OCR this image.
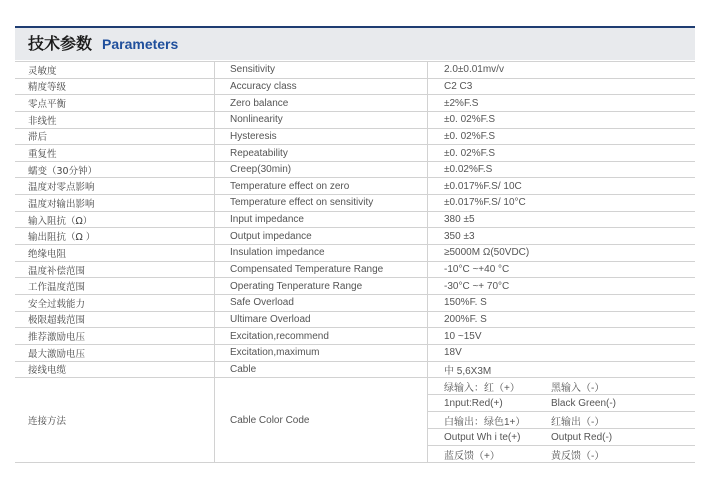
技术参数 Parameters
灵敏度	Sensitivity	2.0±0.01mv/v
精度等级	Accuracy class	C2 C3
零点平衡	Zero balance	±2%F.S
非线性	Nonlinearity	±0. 02%F.S
滞后	Hysteresis	±0. 02%F.S
重复性	Repeatability	±0. 02%F.S
蠕变（30分钟）	Creep(30min)	±0.02%F.S
温度对零点影响	Temperature effect on zero	±0.017%F.S/ 10C
温度对输出影响	Temperature effect on sensitivity	±0.017%F.S/ 10°C
输入阻抗（Ω）	Input impedance	380 ±5
输出阻抗（Ω ）	Output impedance	350 ±3
绝缘电阻	Insulation impedance	≥5000M Ω(50VDC)
温度补偿范围	Compensated Temperature Range	-10°C ~+40 °C
工作温度范围	Operating Tenperature Range	-30°C ~+ 70°C
安全过载能力	Safe Overload	150%F. S
极限超载范围	Ultimare Overload	200%F. S
推荐激励电压	Excitation,recommend	10 ~15V
最大激励电压	Excitation,maximum	18V
接线电缆	Cable	中 5,6X3M
连接方法	Cable Color Code
绿输入：红（+）	黑输入（-）
1nput:Red(+)	Black Green(-)
白输出：绿色1+）	红输出（-）
Output Wh i te(+)	Output Red(-)
蓝反馈（+）	黄反馈（-）
